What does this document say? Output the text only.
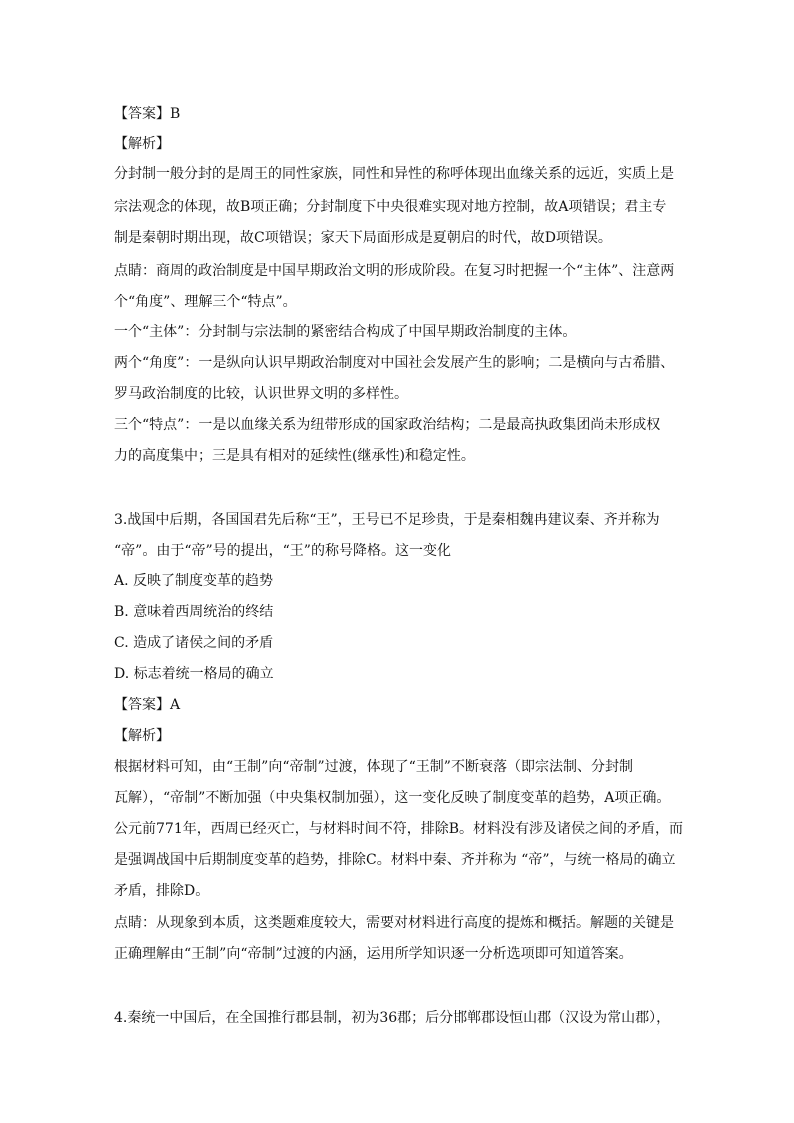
【答案】B
【解析】
分封制一般分封的是周王的同性家族，同性和异性的称呼体现出血缘关系的远近，实质上是
宗法观念的体现，故B项正确；分封制度下中央很难实现对地方控制，故A项错误；君主专
制是秦朝时期出现，故C项错误；家天下局面形成是夏朝启的时代，故D项错误。
点睛：商周的政治制度是中国早期政治文明的形成阶段。在复习时把握一个“主体”、注意两
个“角度”、理解三个“特点”。
一个“主体”：分封制与宗法制的紧密结合构成了中国早期政治制度的主体。
两个“角度”：一是纵向认识早期政治制度对中国社会发展产生的影响；二是横向与古希腊、
罗马政治制度的比较，认识世界文明的多样性。
三个“特点”：一是以血缘关系为纽带形成的国家政治结构；二是最高执政集团尚未形成权
力的高度集中；三是具有相对的延续性(继承性)和稳定性。
3.战国中后期，各国国君先后称“王”，王号已不足珍贵，于是秦相魏冉建议秦、齐并称为
“帝”。由于“帝”号的提出，“王”的称号降格。这一变化
A. 反映了制度变革的趋势
B. 意味着西周统治的终结
C. 造成了诸侯之间的矛盾
D. 标志着统一格局的确立
【答案】A
【解析】
根据材料可知，由“王制”向“帝制”过渡，体现了“王制”不断衰落（即宗法制、分封制
瓦解），“帝制”不断加强（中央集权制加强），这一变化反映了制度变革的趋势，A项正确。
公元前771年，西周已经灭亡，与材料时间不符，排除B。材料没有涉及诸侯之间的矛盾，而
是强调战国中后期制度变革的趋势，排除C。材料中秦、齐并称为 “帝”，与统一格局的确立
矛盾，排除D。
点睛：从现象到本质，这类题难度较大，需要对材料进行高度的提炼和概括。解题的关键是
正确理解由“王制”向“帝制”过渡的内涵，运用所学知识逐一分析选项即可知道答案。
4.秦统一中国后，在全国推行郡县制，初为36郡；后分邯郸郡设恒山郡（汉设为常山郡），
